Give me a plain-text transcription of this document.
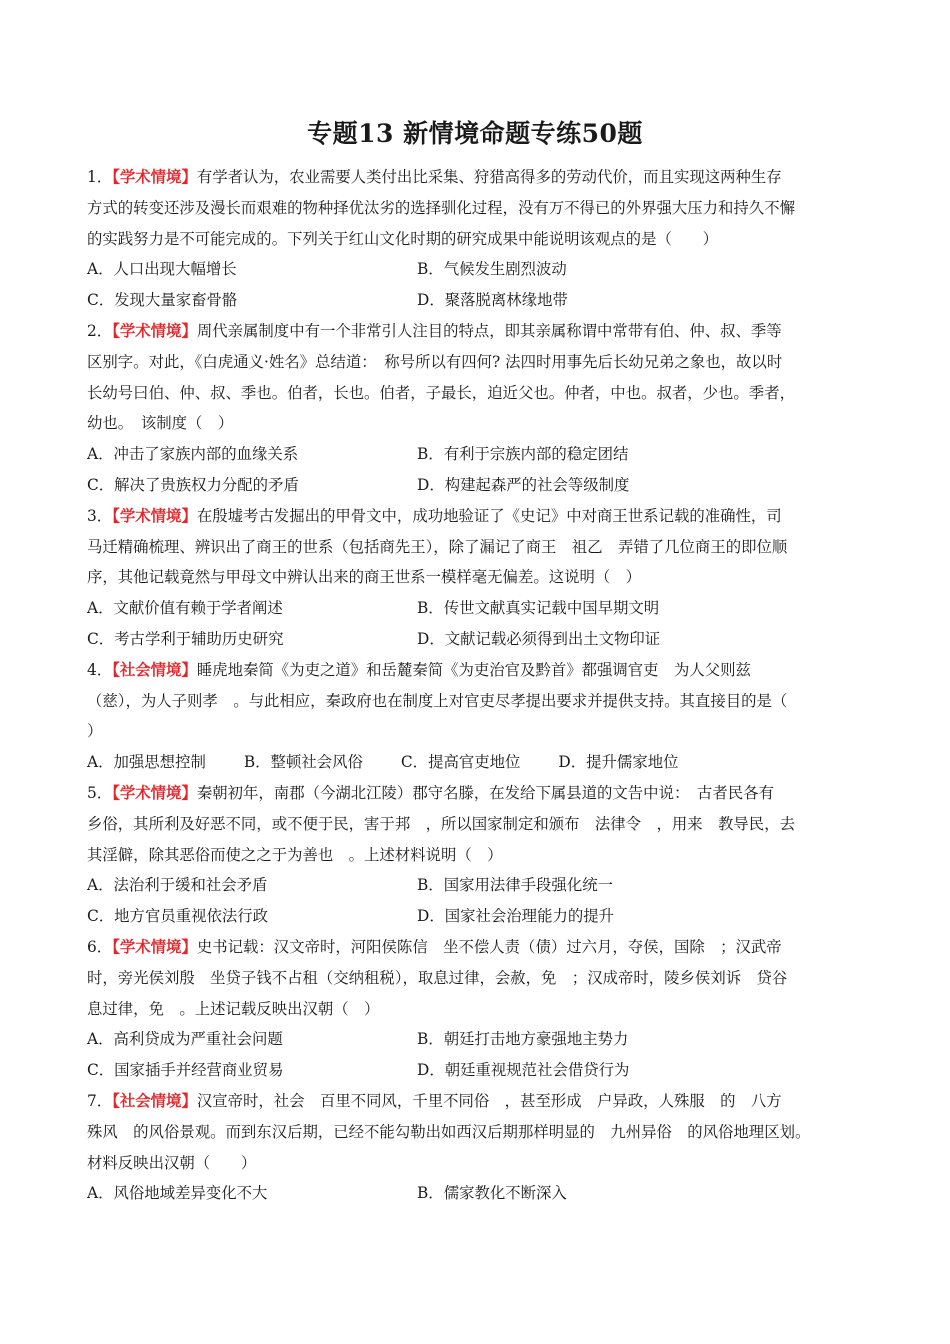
专题13 新情境命题专练50题
1．【学术情境】有学者认为，农业需要人类付出比采集、狩猎高得多的劳动代价，而且实现这两种生存
方式的转变还涉及漫长而艰难的物种择优汰劣的选择驯化过程，没有万不得已的外界强大压力和持久不懈
的实践努力是不可能完成的。下列关于红山文化时期的研究成果中能说明该观点的是（　　）
A．人口出现大幅增长	B．气候发生剧烈波动
C．发现大量家畜骨骼	D．聚落脱离林缘地带
2．【学术情境】周代亲属制度中有一个非常引人注目的特点，即其亲属称谓中常带有伯、仲、叔、季等
区别字。对此，《白虎通义·姓名》总结道：　称号所以有四何? 法四时用事先后长幼兄弟之象也，故以时
长幼号曰伯、仲、叔、季也。伯者，长也。伯者，子最长，迫近父也。仲者，中也。叔者，少也。季者，
幼也。　该制度（　）
A．冲击了家族内部的血缘关系	B．有利于宗族内部的稳定团结
C．解决了贵族权力分配的矛盾	D．构建起森严的社会等级制度
3．【学术情境】在殷墟考古发掘出的甲骨文中，成功地验证了《史记》中对商王世系记载的准确性，司
马迁精确梳理、辨识出了商王的世系（包括商先王），除了漏记了商王　祖乙　弄错了几位商王的即位顺
序，其他记载竟然与甲母文中辨认出来的商王世系一模样毫无偏差。这说明（　）
A．文献价值有赖于学者阐述	B．传世文献真实记载中国早期文明
C．考古学利于辅助历史研究	D．文献记载必须得到出土文物印证
4．【社会情境】睡虎地秦简《为吏之道》和岳麓秦简《为吏治官及黔首》都强调官吏　为人父则兹
（慈），为人子则孝　。与此相应，秦政府也在制度上对官吏尽孝提出要求并提供支持。其直接目的是（
）
A．加强思想控制 B．整顿社会风俗 C．提高官吏地位 D．提升儒家地位
5．【学术情境】秦朝初年，南郡（今湖北江陵）郡守名滕，在发给下属县道的文告中说：　古者民各有
乡俗，其所利及好恶不同，或不便于民，害于邦　，所以国家制定和颁布　法律令　，用来　教导民，去
其淫僻，除其恶俗而使之之于为善也　。上述材料说明（　）
A．法治利于缓和社会矛盾	B．国家用法律手段强化统一
C．地方官员重视依法行政	D．国家社会治理能力的提升
6．【学术情境】史书记载：汉文帝时，河阳侯陈信　坐不偿人责（债）过六月，夺侯，国除　；汉武帝
时，旁光侯刘殷　坐贷子钱不占租（交纳租税），取息过律，会赦，免　；汉成帝时，陵乡侯刘诉　贷谷
息过律，免　。上述记载反映出汉朝（　）
A．高利贷成为严重社会问题	B．朝廷打击地方豪强地主势力
C．国家插手并经营商业贸易	D．朝廷重视规范社会借贷行为
7．【社会情境】汉宣帝时，社会　百里不同风，千里不同俗　，甚至形成　户异政，人殊服　的　八方
殊风　的风俗景观。而到东汉后期，已经不能勾勒出如西汉后期那样明显的　九州异俗　的风俗地理区划。
材料反映出汉朝（　　）
A．风俗地域差异变化不大	B．儒家教化不断深入
